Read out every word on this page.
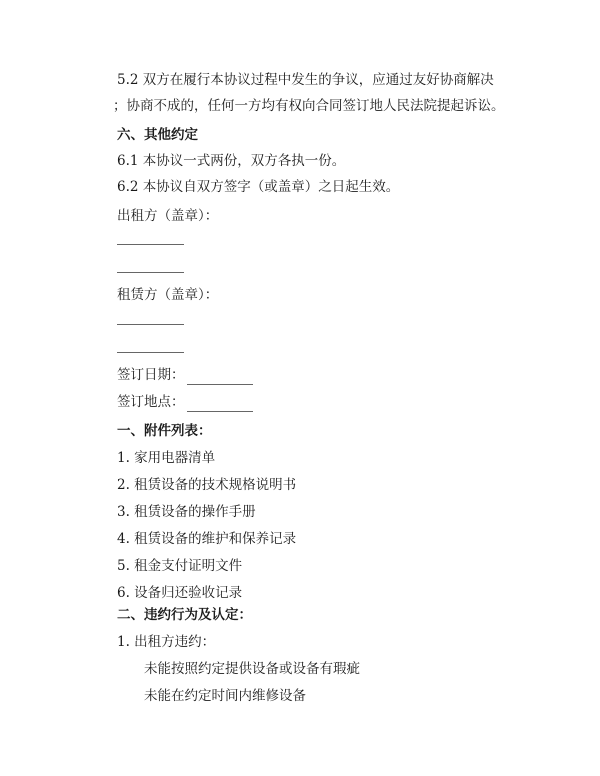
5.2 双方在履行本协议过程中发生的争议，应通过友好协商解决
；协商不成的，任何一方均有权向合同签订地人民法院提起诉讼。
六、其他约定
6.1 本协议一式两份，双方各执一份。
6.2 本协议自双方签字（或盖章）之日起生效。
出租方（盖章）：
租赁方（盖章）：
签订日期：
签订地点：
一、附件列表：
1. 家用电器清单
2. 租赁设备的技术规格说明书
3. 租赁设备的操作手册
4. 租赁设备的维护和保养记录
5. 租金支付证明文件
6. 设备归还验收记录
二、违约行为及认定：
1. 出租方违约：
未能按照约定提供设备或设备有瑕疵
未能在约定时间内维修设备
